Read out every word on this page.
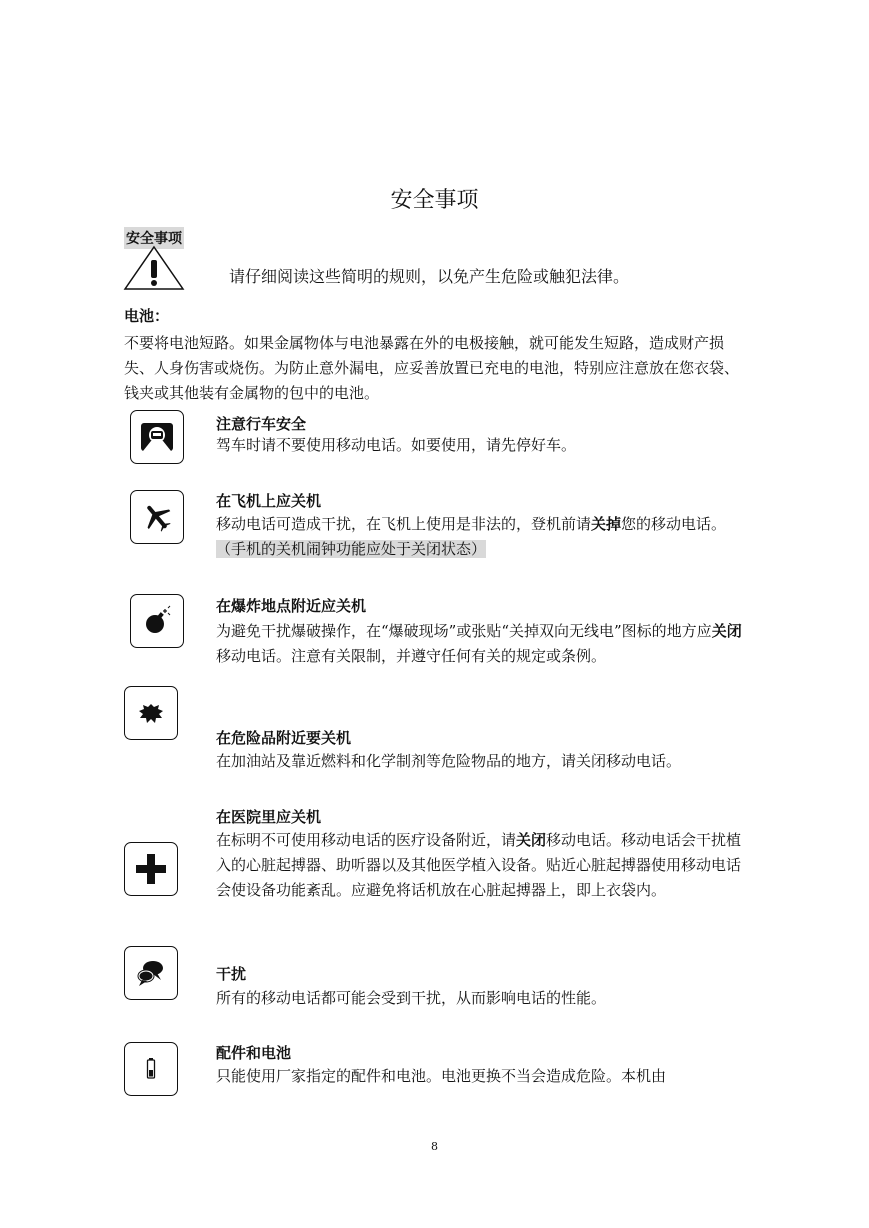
安全事项
安全事项
请仔细阅读这些简明的规则，以免产生危险或触犯法律。
电池：
不要将电池短路。如果金属物体与电池暴露在外的电极接触，就可能发生短路，造成财产损失、人身伤害或烧伤。为防止意外漏电，应妥善放置已充电的电池，特别应注意放在您衣袋、钱夹或其他装有金属物的包中的电池。
注意行车安全
驾车时请不要使用移动电话。如要使用，请先停好车。
在飞机上应关机
移动电话可造成干扰，在飞机上使用是非法的，登机前请关掉您的移动电话。（手机的关机闹钟功能应处于关闭状态）
在爆炸地点附近应关机
为避免干扰爆破操作，在“爆破现场”或张贴“关掉双向无线电”图标的地方应关闭移动电话。注意有关限制，并遵守任何有关的规定或条例。
在危险品附近要关机
在加油站及靠近燃料和化学制剂等危险物品的地方，请关闭移动电话。
在医院里应关机
在标明不可使用移动电话的医疗设备附近，请关闭移动电话。移动电话会干扰植入的心脏起搏器、助听器以及其他医学植入设备。贴近心脏起搏器使用移动电话会使设备功能紊乱。应避免将话机放在心脏起搏器上，即上衣袋内。
干扰
所有的移动电话都可能会受到干扰，从而影响电话的性能。
配件和电池
只能使用厂家指定的配件和电池。电池更换不当会造成危险。本机由
8
